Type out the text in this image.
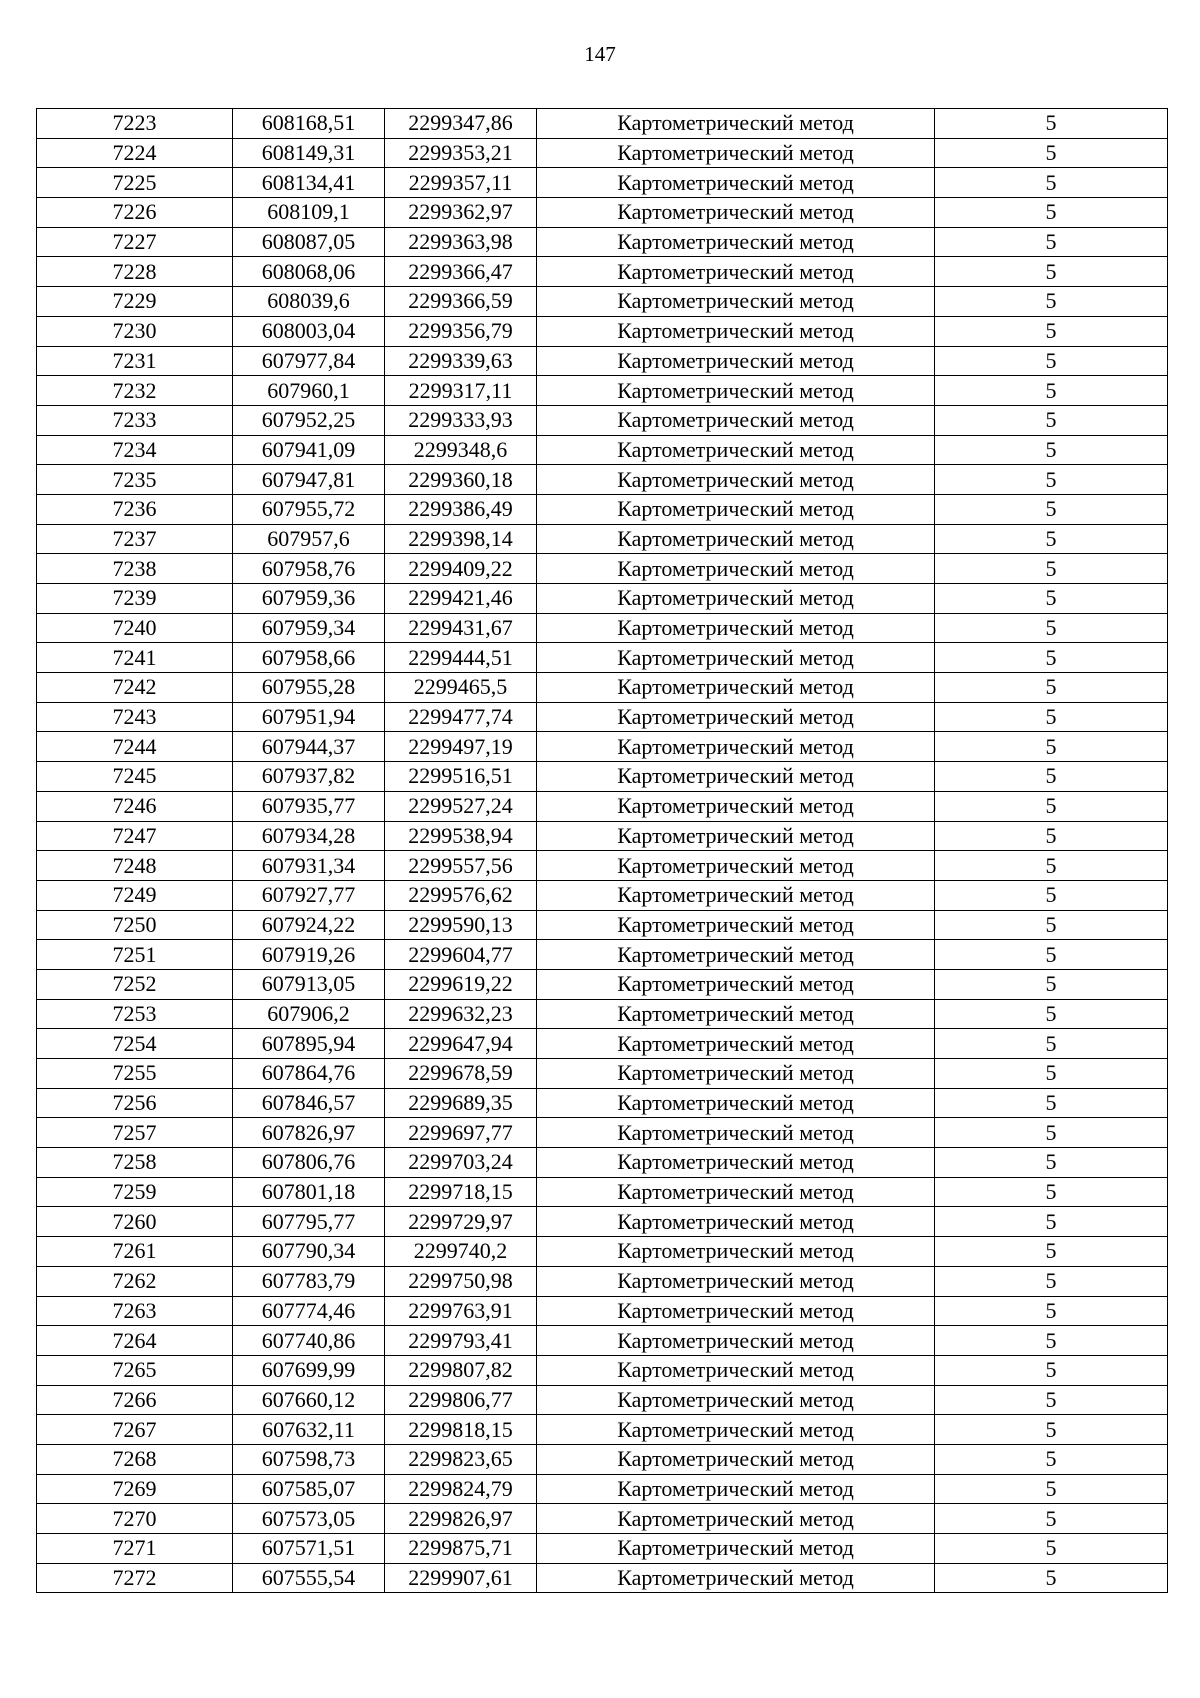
147
7223	608168,51	2299347,86	Картометрический метод	5
7224	608149,31	2299353,21	Картометрический метод	5
7225	608134,41	2299357,11	Картометрический метод	5
7226	608109,1	2299362,97	Картометрический метод	5
7227	608087,05	2299363,98	Картометрический метод	5
7228	608068,06	2299366,47	Картометрический метод	5
7229	608039,6	2299366,59	Картометрический метод	5
7230	608003,04	2299356,79	Картометрический метод	5
7231	607977,84	2299339,63	Картометрический метод	5
7232	607960,1	2299317,11	Картометрический метод	5
7233	607952,25	2299333,93	Картометрический метод	5
7234	607941,09	2299348,6	Картометрический метод	5
7235	607947,81	2299360,18	Картометрический метод	5
7236	607955,72	2299386,49	Картометрический метод	5
7237	607957,6	2299398,14	Картометрический метод	5
7238	607958,76	2299409,22	Картометрический метод	5
7239	607959,36	2299421,46	Картометрический метод	5
7240	607959,34	2299431,67	Картометрический метод	5
7241	607958,66	2299444,51	Картометрический метод	5
7242	607955,28	2299465,5	Картометрический метод	5
7243	607951,94	2299477,74	Картометрический метод	5
7244	607944,37	2299497,19	Картометрический метод	5
7245	607937,82	2299516,51	Картометрический метод	5
7246	607935,77	2299527,24	Картометрический метод	5
7247	607934,28	2299538,94	Картометрический метод	5
7248	607931,34	2299557,56	Картометрический метод	5
7249	607927,77	2299576,62	Картометрический метод	5
7250	607924,22	2299590,13	Картометрический метод	5
7251	607919,26	2299604,77	Картометрический метод	5
7252	607913,05	2299619,22	Картометрический метод	5
7253	607906,2	2299632,23	Картометрический метод	5
7254	607895,94	2299647,94	Картометрический метод	5
7255	607864,76	2299678,59	Картометрический метод	5
7256	607846,57	2299689,35	Картометрический метод	5
7257	607826,97	2299697,77	Картометрический метод	5
7258	607806,76	2299703,24	Картометрический метод	5
7259	607801,18	2299718,15	Картометрический метод	5
7260	607795,77	2299729,97	Картометрический метод	5
7261	607790,34	2299740,2	Картометрический метод	5
7262	607783,79	2299750,98	Картометрический метод	5
7263	607774,46	2299763,91	Картометрический метод	5
7264	607740,86	2299793,41	Картометрический метод	5
7265	607699,99	2299807,82	Картометрический метод	5
7266	607660,12	2299806,77	Картометрический метод	5
7267	607632,11	2299818,15	Картометрический метод	5
7268	607598,73	2299823,65	Картометрический метод	5
7269	607585,07	2299824,79	Картометрический метод	5
7270	607573,05	2299826,97	Картометрический метод	5
7271	607571,51	2299875,71	Картометрический метод	5
7272	607555,54	2299907,61	Картометрический метод	5
